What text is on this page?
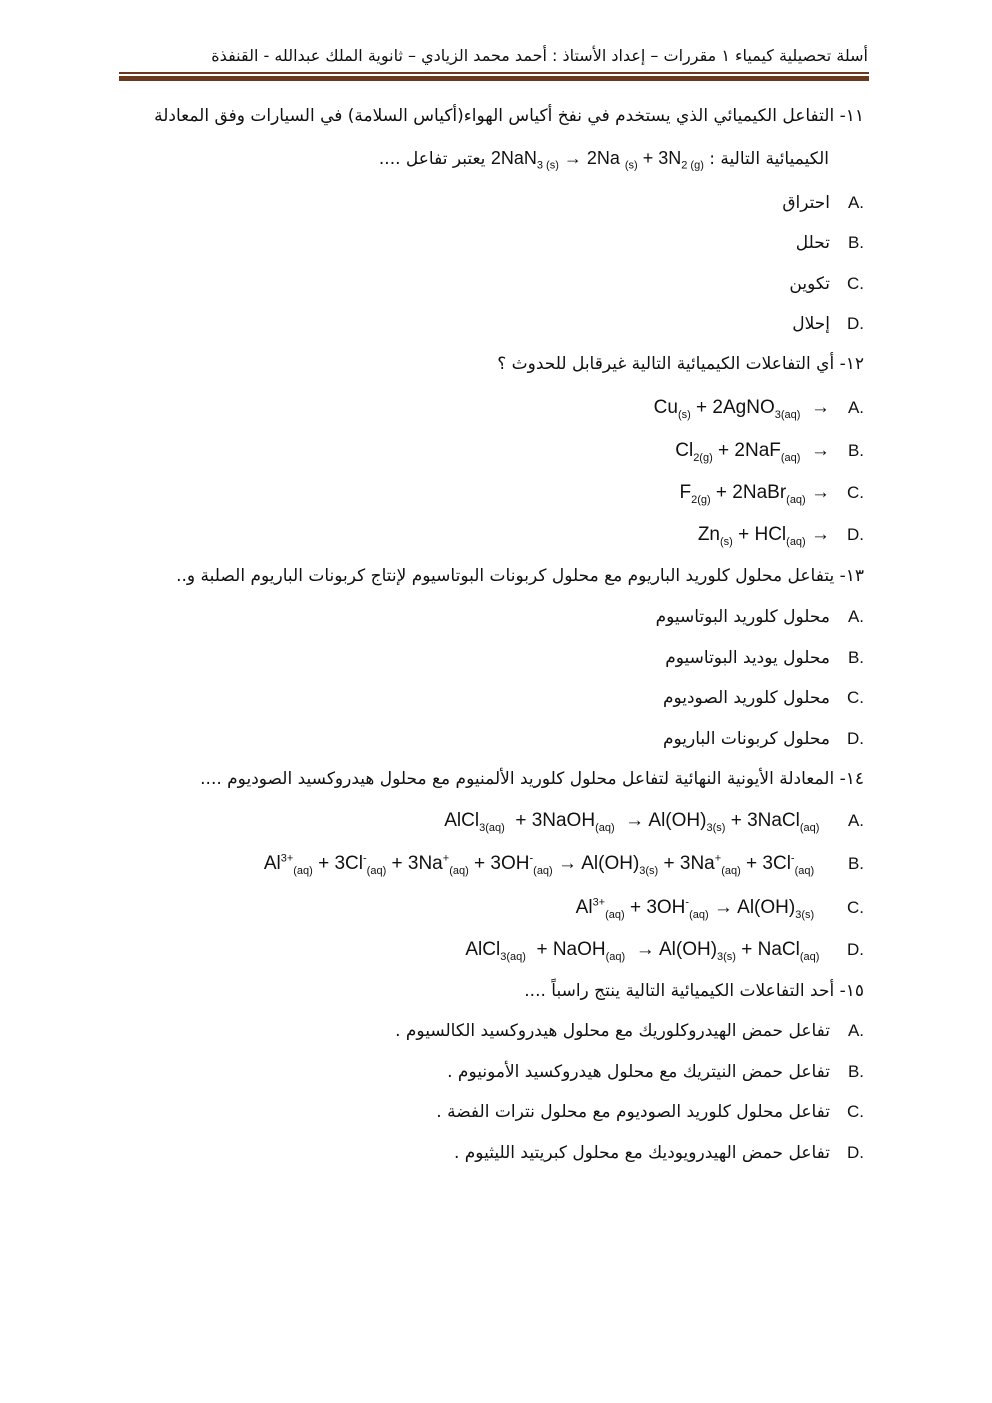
أسلة تحصيلية كيمياء ١ مقررات – إعداد الأستاذ : أحمد محمد الزيادي – ثانوية الملك عبدالله - القنفذة
١١- التفاعل الكيميائي الذي يستخدم في نفخ أكياس الهواء(أكياس السلامة) في السيارات وفق المعادلة
الكيميائية التالية : 2NaN$_{3 (s)}$ → 2Na $_{(s)} + 3N_{2 (g)}$ يعتبر تفاعل ....
A.
احتراق
B.
تحلل
C.
تكوين
D.
إحلال
١٢- أي التفاعلات الكيميائية التالية غيرقابل للحدوث ؟
A.
$Cu_{(s)}$ + 2AgNO$_{3(aq)}$  →
B.
$Cl_{2(g)} + 2NaF_{(aq)}$  →
C.
$F_{2(g)}$ + 2NaBr$_{(aq)}$ →
D.
$Zn_{(s)} + HCl_{(aq)}$ →
١٣- يتفاعل محلول كلوريد الباريوم مع محلول كربونات البوتاسيوم لإنتاج كربونات الباريوم الصلبة و..
A.
محلول كلوريد البوتاسيوم
B.
محلول يوديد البوتاسيوم
C.
محلول كلوريد الصوديوم
D.
محلول كربونات الباريوم
١٤- المعادلة الأيونية النهائية لتفاعل محلول كلوريد الألمنيوم مع محلول هيدروكسيد الصوديوم ....
A.
AlCl$_{3(aq)}$  + 3NaOH$_{(aq)}$  → $Al(OH)_{3(s)}$ + 3NaCl$_{(aq)}$
B.
$Al^{3+}_{(aq)} + 3Cl^-_{(aq)} + 3Na^+_{(aq)} + 3OH^-_{(aq)} \to Al(OH)_{3(s)} + 3Na^+_{(aq)} + 3Cl^-_{(aq)}$
C.
$Al^{3+}_{(aq)} + 3OH^-_{(aq)} \to Al(OH)_{3(s)}$
D.
AlCl$_{3(aq)}$  + NaOH$_{(aq)}$  → $Al(OH)_{3(s)}$ + NaCl$_{(aq)}$
١٥- أحد التفاعلات الكيميائية التالية ينتج راسباً ....
A.
تفاعل حمض الهيدروكلوريك مع محلول هيدروكسيد الكالسيوم .
B.
تفاعل حمض النيتريك مع محلول هيدروكسيد الأمونيوم .
C.
تفاعل محلول كلوريد الصوديوم مع محلول نترات الفضة .
D.
تفاعل حمض الهيدرويوديك مع محلول كبريتيد الليثيوم .
